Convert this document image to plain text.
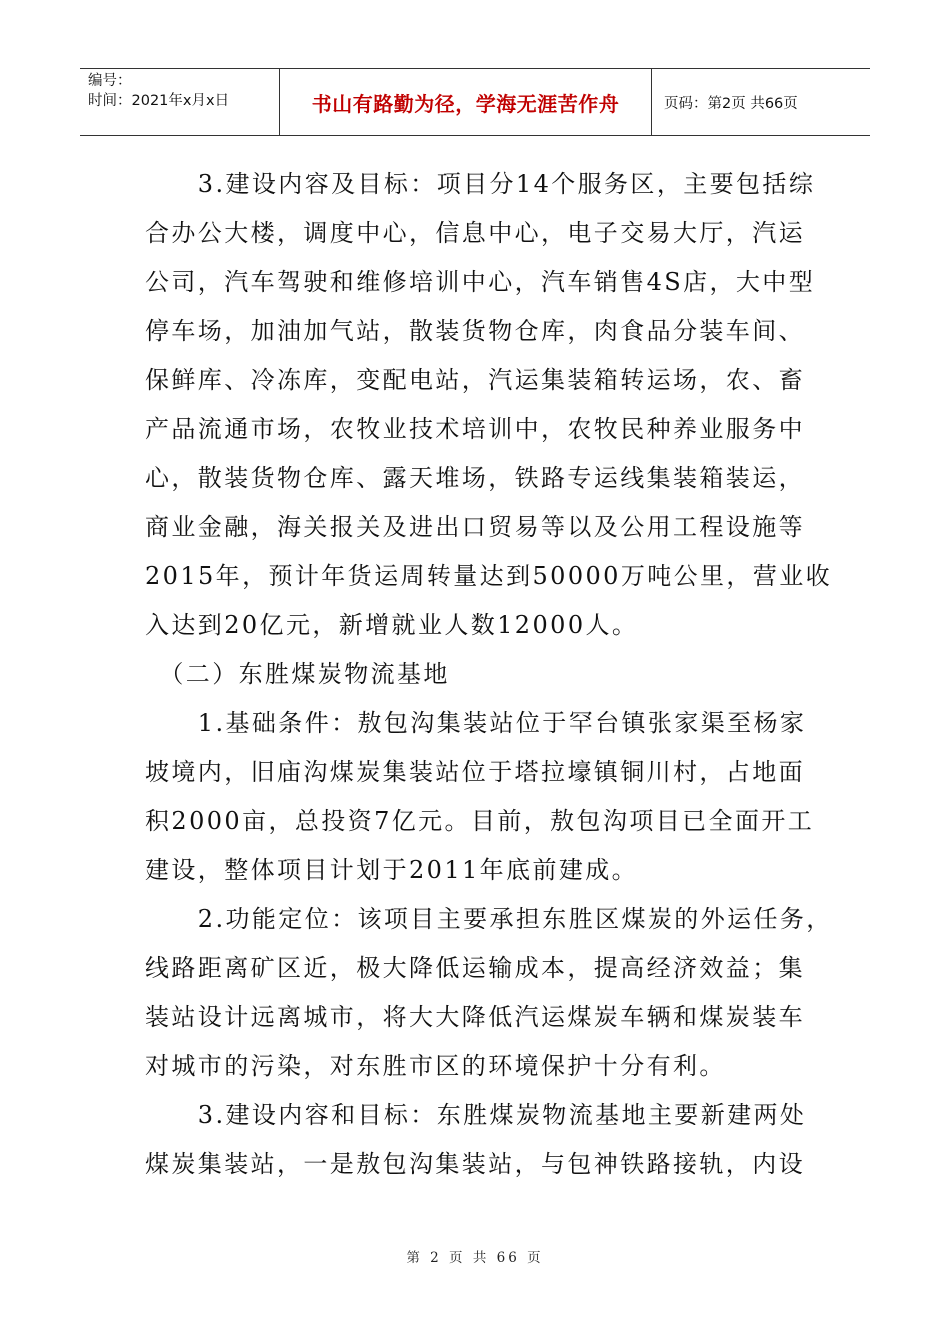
编号：
时间：2021年x月x日	书山有路勤为径，学海无涯苦作舟	页码：第2页 共66页
　　3.建设内容及目标：项目分14个服务区，主要包括综
合办公大楼，调度中心，信息中心，电子交易大厅，汽运
公司，汽车驾驶和维修培训中心，汽车销售4S店，大中型
停车场，加油加气站，散装货物仓库，肉食品分装车间、
保鲜库、冷冻库，变配电站，汽运集装箱转运场，农、畜
产品流通市场，农牧业技术培训中，农牧民种养业服务中
心，散装货物仓库、露天堆场，铁路专运线集装箱装运，
商业金融，海关报关及进出口贸易等以及公用工程设施等
2015年，预计年货运周转量达到50000万吨公里，营业收
入达到20亿元，新增就业人数12000人。
　（二）东胜煤炭物流基地
　　1.基础条件：敖包沟集装站位于罕台镇张家渠至杨家
坡境内，旧庙沟煤炭集装站位于塔拉壕镇铜川村，占地面
积2000亩，总投资7亿元。目前，敖包沟项目已全面开工
建设，整体项目计划于2011年底前建成。
　　2.功能定位：该项目主要承担东胜区煤炭的外运任务，
线路距离矿区近，极大降低运输成本，提高经济效益；集
装站设计远离城市，将大大降低汽运煤炭车辆和煤炭装车
对城市的污染，对东胜市区的环境保护十分有利。
　　3.建设内容和目标：东胜煤炭物流基地主要新建两处
煤炭集装站，一是敖包沟集装站，与包神铁路接轨，内设
第 2 页 共 66 页
